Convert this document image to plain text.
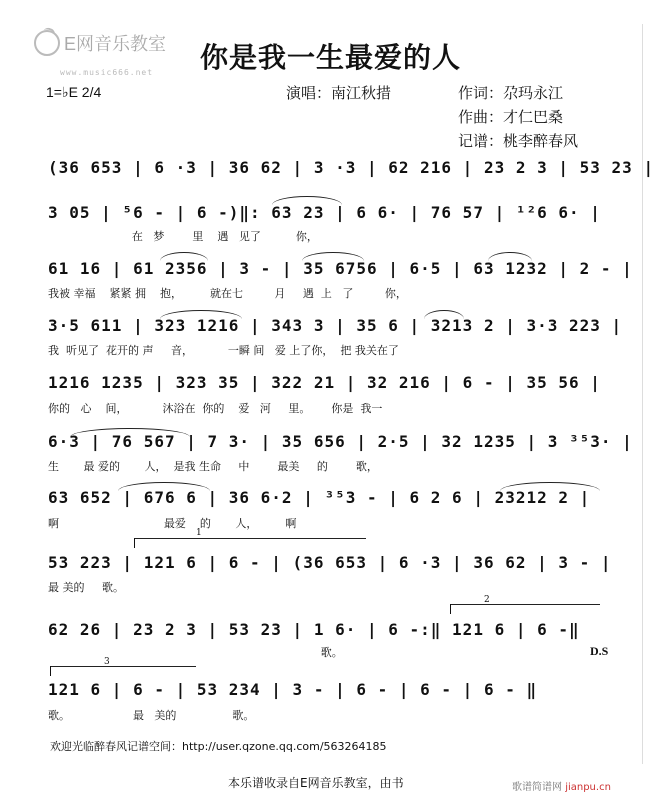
E网音乐教室
www.music666.net 你是我一生最爱的人
1=♭E 2/4	演唱：南江秋措	作词：尕玛永江
作曲：才仁巴桑
记谱：桃李醉春风
(36 653 | 6 ·3 | 36 62 | 3 ·3 | 62 216 | 23 2 3 | 53 23 |
3 05 | ⁵6 - | 6 -)‖: 63 23 | 6 6· | 76 57 | ¹²6 6· |
在   梦        里    遇   见了          你，
61 16 | 61 2356 | 3 - | 35 6756 | 6·5 | 63 1232 | 2 - |
我被 幸福    紧紧 拥    抱，        就在七         月     遇  上   了         你，
3·5 611 | 323 1216 | 343 3 | 35 6 | 3213 2 | 3·3 223 |
我  听见了  花开的 声     音，          一瞬 间   爱 上了你，  把 我关在了
1216 1235 | 323 35 | 322 21 | 32 216 | 6 - | 35 56 |
你的   心    间，          沐浴在  你的    爱   河     里。      你是  我一
6·3 | 76 567 | 7 3· | 35 656 | 2·5 | 32 1235 | 3 ³⁵3· |
生       最 爱的       人，  是我 生命     中        最美     的        歌，
63 652 | 676 6 | 36 6·2 | ³⁵3 - | 6 2 6 | 23212 2 |
啊                              最爱    的       人，        啊
53 223 | 121 6 | 6 - | (36 653 | 6 ·3 | 36 62 | 3 - |
最 美的     歌。
62 26 | 23 2 3 | 53 23 | 1 6· | 6 -:‖ 121 6 | 6 -‖
歌。
121 6 | 6 - | 53 234 | 3 - | 6 - | 6 - | 6 - ‖
歌。                  最   美的                歌。
1
2
3
D.S
欢迎光临醉春风记谱空间：http://user.qzone.qq.com/563264185
本乐谱收录自E网音乐教室，由书	歌谱简谱网 jianpu.cn
